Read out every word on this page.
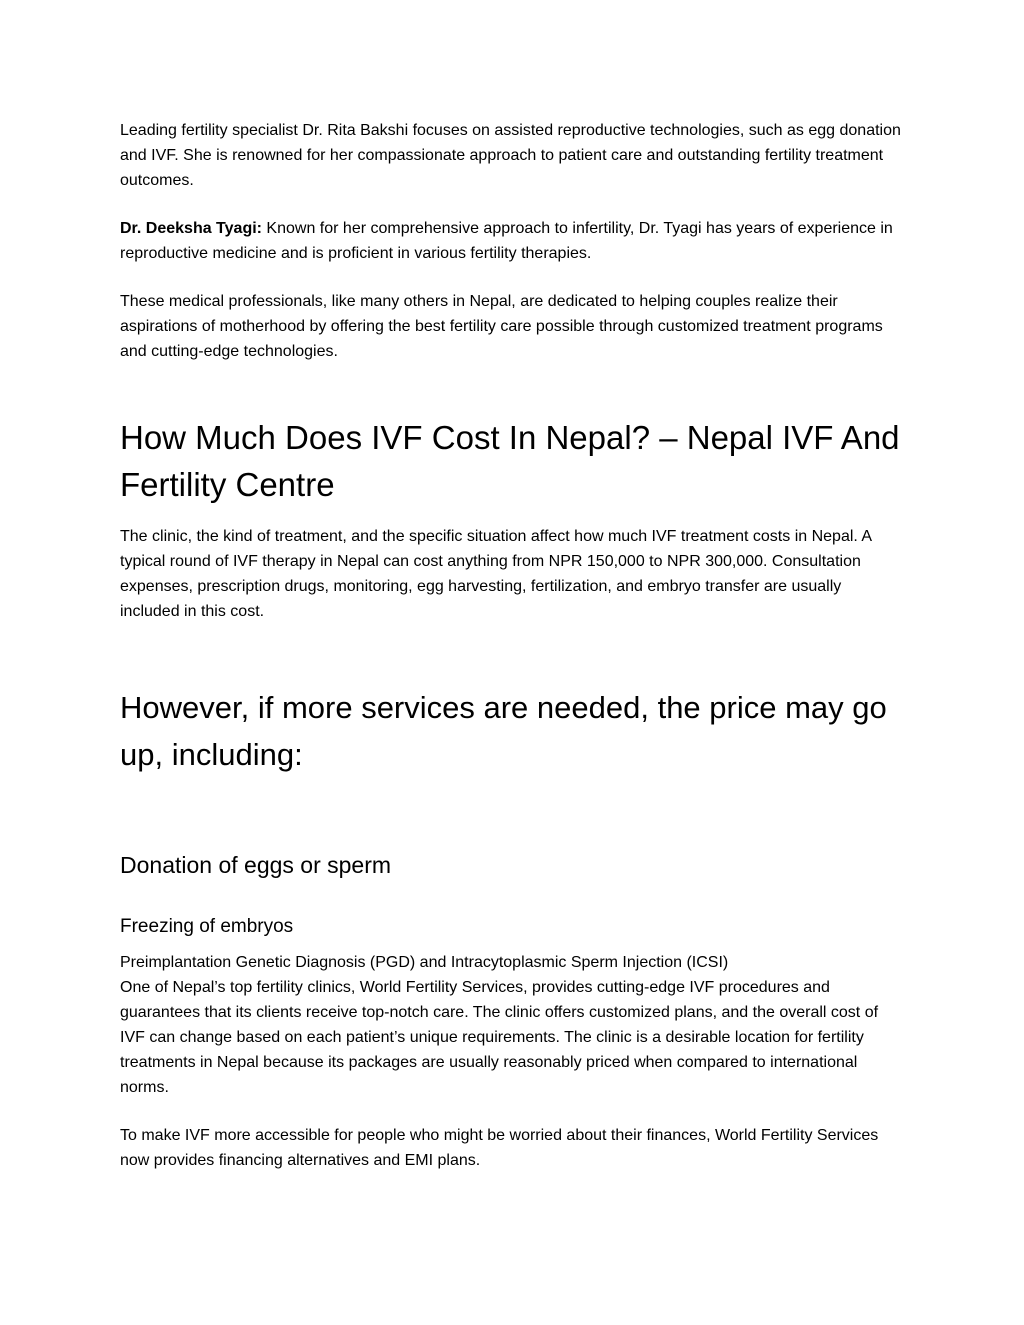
Leading fertility specialist Dr. Rita Bakshi focuses on assisted reproductive technologies, such as egg donation and IVF. She is renowned for her compassionate approach to patient care and outstanding fertility treatment outcomes.

Dr. Deeksha Tyagi: Known for her comprehensive approach to infertility, Dr. Tyagi has years of experience in reproductive medicine and is proficient in various fertility therapies.

These medical professionals, like many others in Nepal, are dedicated to helping couples realize their aspirations of motherhood by offering the best fertility care possible through customized treatment programs and cutting-edge technologies.

How Much Does IVF Cost In Nepal? – Nepal IVF And Fertility Centre

The clinic, the kind of treatment, and the specific situation affect how much IVF treatment costs in Nepal. A typical round of IVF therapy in Nepal can cost anything from NPR 150,000 to NPR 300,000. Consultation expenses, prescription drugs, monitoring, egg harvesting, fertilization, and embryo transfer are usually included in this cost.

However, if more services are needed, the price may go up, including:
Donation of eggs or sperm
Freezing of embryos

Preimplantation Genetic Diagnosis (PGD) and Intracytoplasmic Sperm Injection (ICSI)
One of Nepal’s top fertility clinics, World Fertility Services, provides cutting-edge IVF procedures and guarantees that its clients receive top-notch care. The clinic offers customized plans, and the overall cost of IVF can change based on each patient’s unique requirements. The clinic is a desirable location for fertility treatments in Nepal because its packages are usually reasonably priced when compared to international norms.

To make IVF more accessible for people who might be worried about their finances, World Fertility Services now provides financing alternatives and EMI plans.
